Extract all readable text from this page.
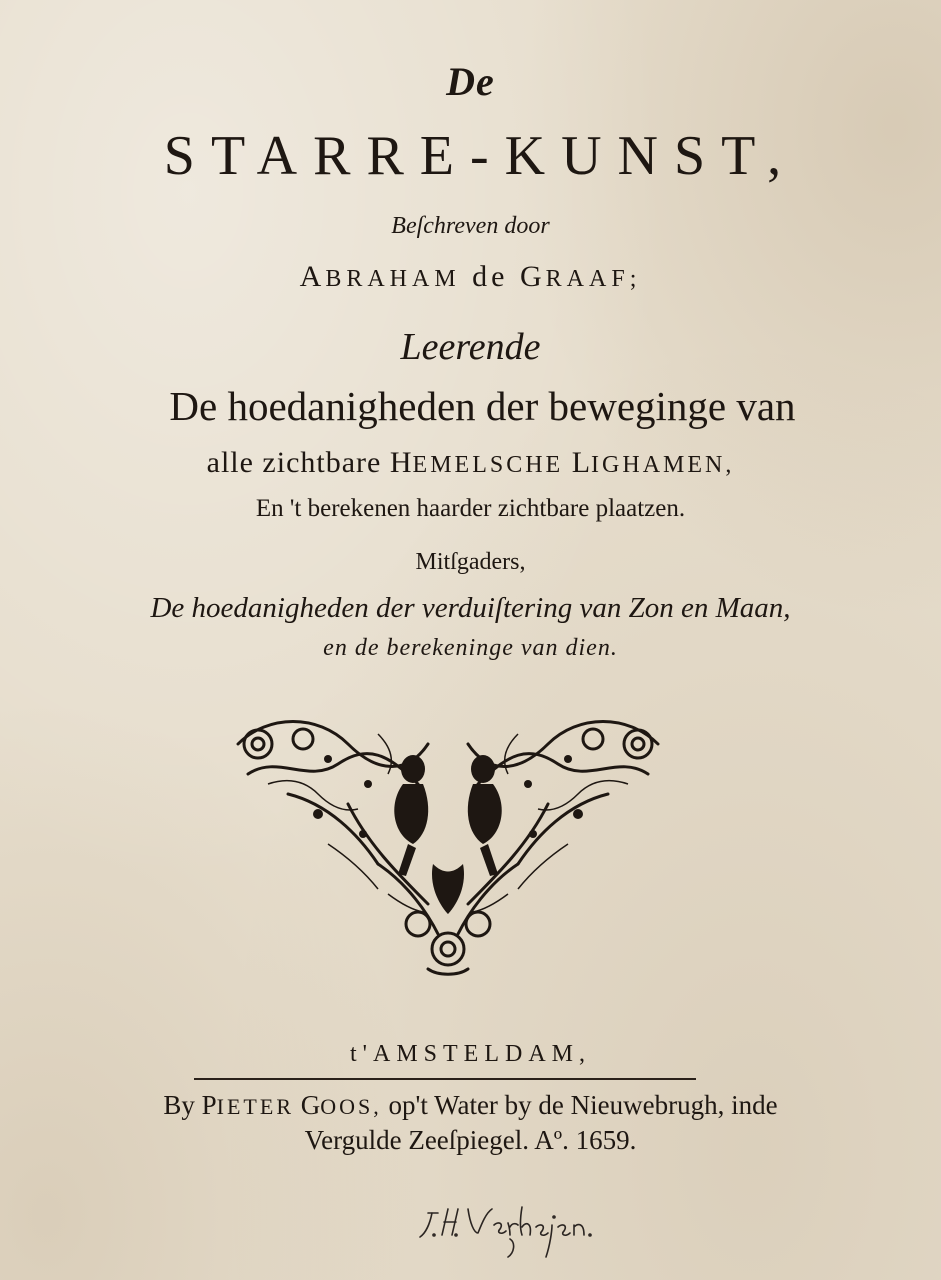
De
STARRE-KUNST,
Beſchreven door
ABRAHAM de GRAAF;
Leerende
De hoedanigheden der beweginge van
alle zichtbare HEMELSCHE LIGHAMEN,
En 't berekenen haarder zichtbare plaatzen.
Mitſgaders,
De hoedanigheden der verduiſtering van Zon en Maan,
en de berekeninge van dien.
t'AMSTELDAM,
By PIETER GOOS, op't Water by de Nieuwebrugh, inde
Vergulde Zeeſpiegel. Aº. 1659.
